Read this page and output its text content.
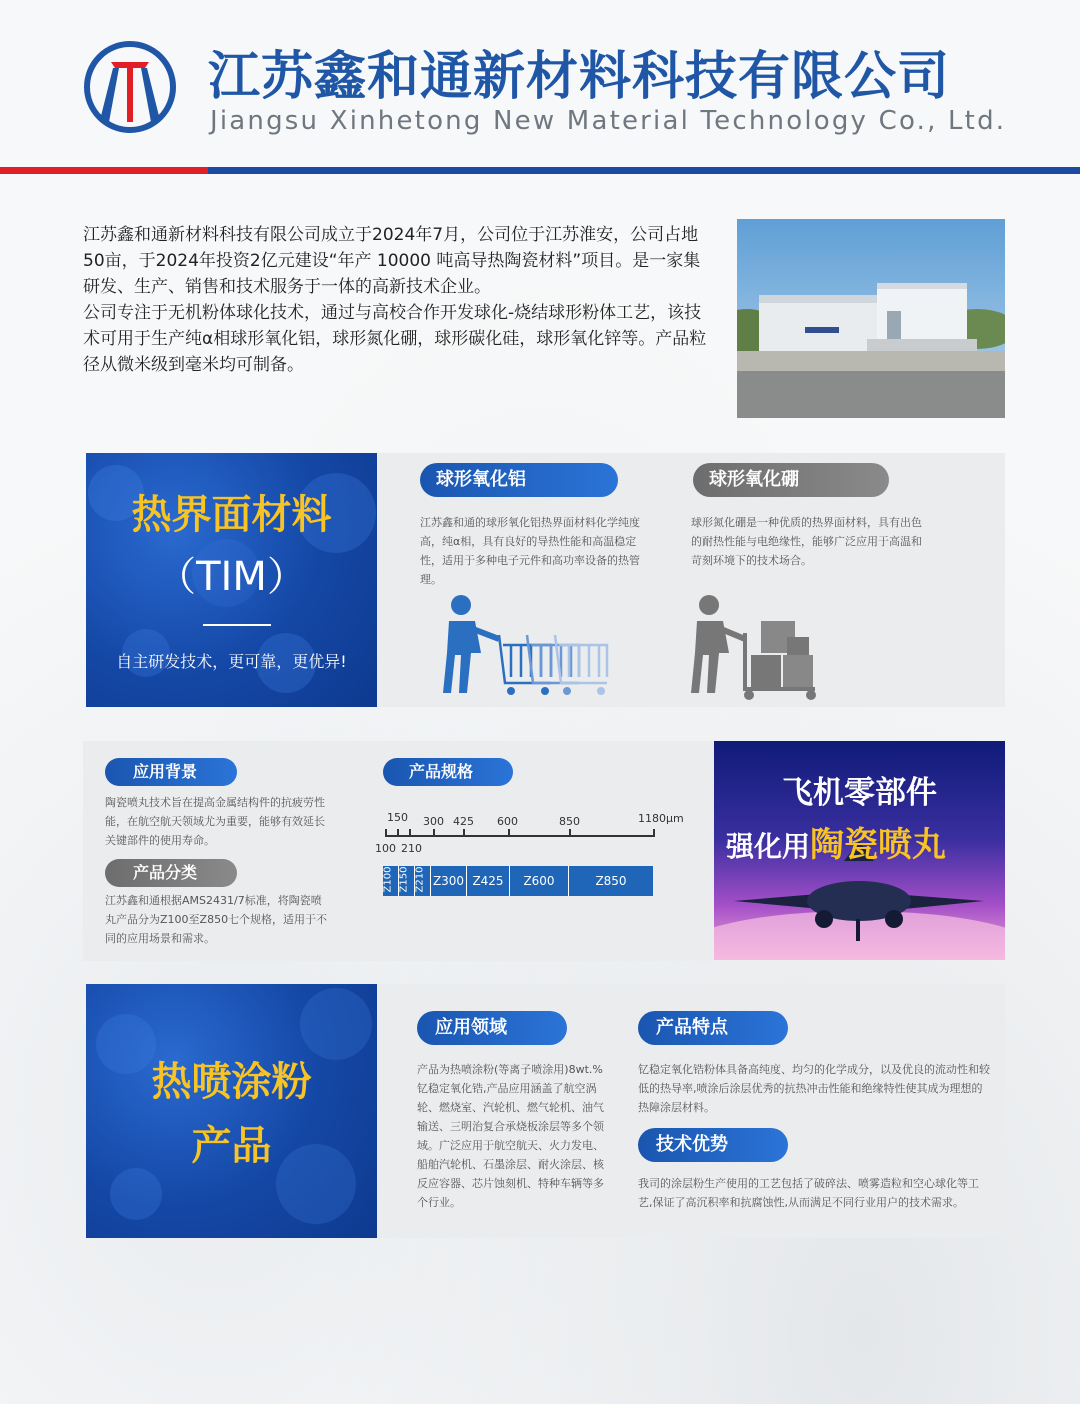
江苏鑫和通新材料科技有限公司
Jiangsu Xinhetong New Material Technology Co., Ltd.

江苏鑫和通新材料科技有限公司成立于2024年7月，公司位于江苏淮安，公司占地50亩，于2024年投资2亿元建设“年产 10000 吨高导热陶瓷材料”项目。是一家集研发、生产、销售和技术服务于一体的高新技术企业。

公司专注于无机粉体球化技术，通过与高校合作开发球化-烧结球形粉体工艺，该技术可用于生产纯α相球形氧化铝，球形氮化硼，球形碳化硅，球形氧化锌等。产品粒径从微米级到毫米均可制备。

热界面材料
（TIM）
自主研发技术，更可靠，更优异!
球形氧化铝
江苏鑫和通的球形氧化铝热界面材料化学纯度高，纯α相，具有良好的导热性能和高温稳定性，适用于多种电子元件和高功率设备的热管理。
球形氧化硼
球形氮化硼是一种优质的热界面材料，具有出色的耐热性能与电绝缘性，能够广泛应用于高温和苛刻环境下的技术场合。
应用背景
陶瓷喷丸技术旨在提高金属结构件的抗疲劳性能，在航空航天领域尤为重要，能够有效延长关键部件的使用寿命。
产品分类
江苏鑫和通根据AMS2431/7标准，将陶瓷喷丸产品分为Z100至Z850七个规格，适用于不同的应用场景和需求。
产品规格
150 300 425 600	850	1180μm
100 210
Z100 Z150 Z210 Z300 Z425	Z600	Z850
飞机零部件
强化用陶瓷喷丸
热喷涂粉
产品
应用领域
产品为热喷涂粉(等离子喷涂用)8wt.%钇稳定氧化锆,产品应用涵盖了航空涡轮、燃烧室、汽轮机、燃气轮机、油气输送、三明治复合承烧板涂层等多个领域。广泛应用于航空航天、火力发电、船舶汽轮机、石墨涂层、耐火涂层、核反应容器、芯片蚀刻机、特种车辆等多个行业。
产品特点
钇稳定氧化锆粉体具备高纯度、均匀的化学成分，以及优良的流动性和较低的热导率,喷涂后涂层优秀的抗热冲击性能和绝缘特性使其成为理想的热障涂层材料。
技术优势
我司的涂层粉生产使用的工艺包括了破碎法、喷雾造粒和空心球化等工艺,保证了高沉积率和抗腐蚀性,从而满足不同行业用户的技术需求。
